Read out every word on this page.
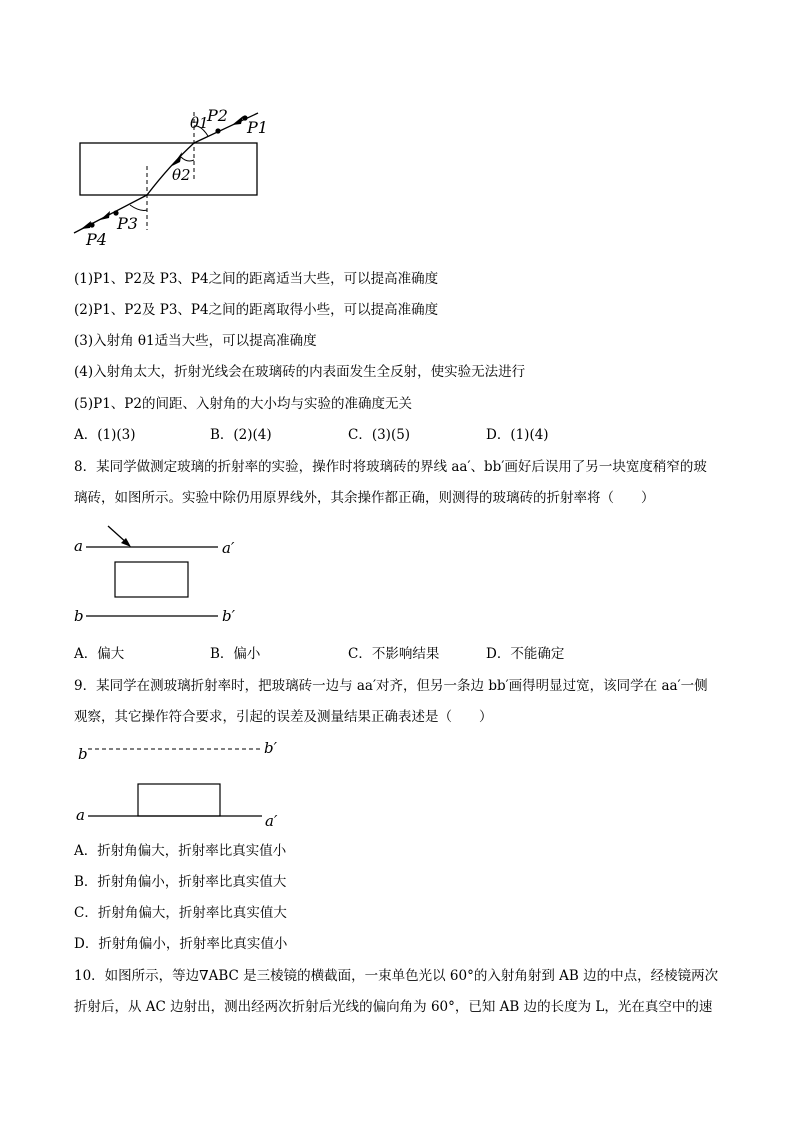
θ1
P2
P1
θ2
P3
P4
(1)P1、P2及 P3、P4之间的距离适当大些，可以提高准确度
(2)P1、P2及 P3、P4之间的距离取得小些，可以提高准确度
(3)入射角 θ1适当大些，可以提高准确度
(4)入射角太大，折射光线会在玻璃砖的内表面发生全反射，使实验无法进行
(5)P1、P2的间距、入射角的大小均与实验的准确度无关
A．(1)(3)	B．(2)(4)	C．(3)(5)	D．(1)(4)
8．某同学做测定玻璃的折射率的实验，操作时将玻璃砖的界线 aa′、bb′画好后误用了另一块宽度稍窄的玻
璃砖，如图所示。实验中除仍用原界线外，其余操作都正确，则测得的玻璃砖的折射率将（　　）
a	a′
b	b′
A．偏大	B．偏小	C．不影响结果	D．不能确定
9．某同学在测玻璃折射率时，把玻璃砖一边与 aa′对齐，但另一条边 bb′画得明显过宽，该同学在 aa′一侧
观察，其它操作符合要求，引起的误差及测量结果正确表述是（　　）
b	b′
a	a′
A．折射角偏大，折射率比真实值小
B．折射角偏小，折射率比真实值大
C．折射角偏大，折射率比真实值大
D．折射角偏小，折射率比真实值小
10．如图所示，等边∇ABC 是三棱镜的横截面，一束单色光以 60°的入射角射到 AB 边的中点，经棱镜两次
折射后，从 AC 边射出，测出经两次折射后光线的偏向角为 60°，已知 AB 边的长度为 L，光在真空中的速
